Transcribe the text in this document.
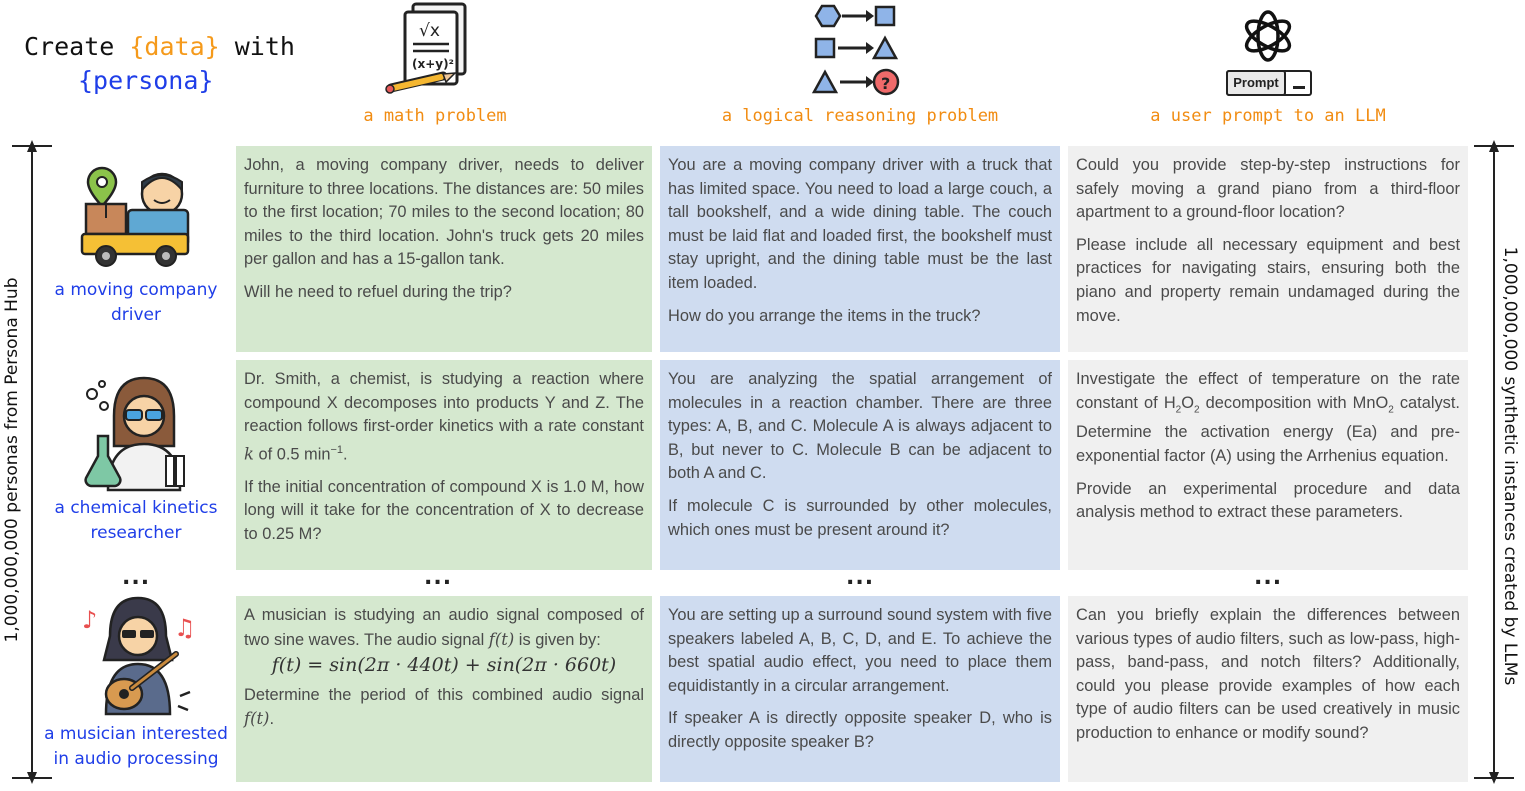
Create {data} with
{persona}
√x
(x+y)²
?	Prompt
a math problem	a logical reasoning problem	a user prompt to an LLM
1,000,000,000 personas from Persona Hub	1,000,000,000 synthetic instances created by LLMs
♪	♫
a moving company driver
a chemical kinetics researcher
a musician interested in audio processing

John, a moving company driver, needs to deliver furniture to three locations. The distances are: 50 miles to the first location; 70 miles to the second location; 80 miles to the third location. John's truck gets 20 miles per gallon and has a 15-gallon tank.

Will he need to refuel during the trip?

You are a moving company driver with a truck that has limited space. You need to load a large couch, a tall bookshelf, and a wide dining table. The couch must be laid flat and loaded first, the bookshelf must stay upright, and the dining table must be the last item loaded.

How do you arrange the items in the truck?

Could you provide step-by-step instructions for safely moving a grand piano from a third-floor apartment to a ground-floor location?

Please include all necessary equipment and best practices for navigating stairs, ensuring both the piano and property remain undamaged during the move.

Dr. Smith, a chemist, is studying a reaction where compound X decomposes into products Y and Z. The reaction follows first-order kinetics with a rate constant k of 0.5 $\min^{-1}$.

If the initial concentration of compound X is 1.0 M, how long will it take for the concentration of X to decrease to 0.25 M?

You are analyzing the spatial arrangement of molecules in a reaction chamber. There are three types: A, B, and C. Molecule A is always adjacent to B, but never to C. Molecule B can be adjacent to both A and C.

If molecule C is surrounded by other molecules, which ones must be present around it?

Investigate the effect of temperature on the rate constant of $H_2O_2$ decomposition with MnO$_2$ catalyst. Determine the activation energy (Ea) and pre-exponential factor (A) using the Arrhenius equation.

Provide an experimental procedure and data analysis method to extract these parameters.

...	...	...	...

A musician is studying an audio signal composed of two sine waves. The audio signal f(t) is given by:

f(t) = sin(2π · 440t) + sin(2π · 660t)

Determine the period of this combined audio signal f(t).

You are setting up a surround sound system with five speakers labeled A, B, C, D, and E. To achieve the best spatial audio effect, you need to place them equidistantly in a circular arrangement.

If speaker A is directly opposite speaker D, who is directly opposite speaker B?

Can you briefly explain the differences between various types of audio filters, such as low-pass, high-pass, band-pass, and notch filters? Additionally, could you please provide examples of how each type of audio filters can be used creatively in music production to enhance or modify sound?
